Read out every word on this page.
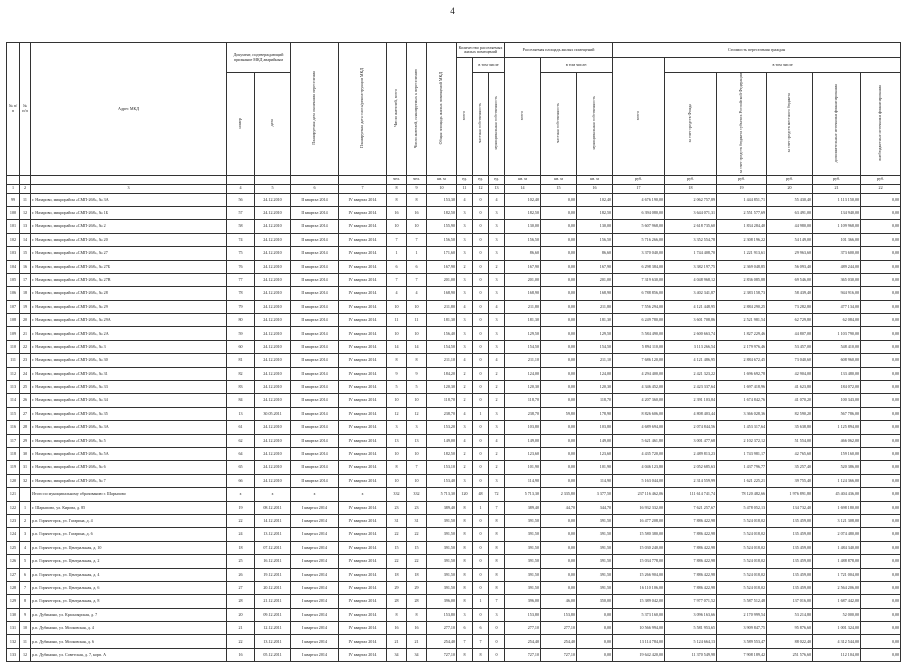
4
№ п/п	№ п/п	Адрес МКД	Документ, подтверждающий признание МКД аварийным		Планируемая дата окончания переселения	Планируемая дата сноса/реконструкции МКД	Число жителей, всего	Число жителей, планируемых к переселению	Общая площадь жилых помещений МКД	Количество расселяемых жилых помещений			Расселяемая площадь жилых помещений			Стоимость переселения граждан					
										всего	в том числе		всего	в том числе:		всего	в том числе				
			номер	дата							частная собственность	муниципальная собственность		частная собственность	муниципальная собственность		за счет средств Фонда	за счет средств бюджета субъекта Российской Федерации	за счет средств местного бюджета	дополнительные источники финансирования	внебюджетные источники финансирования
							чел.	чел.	кв. м	ед.	ед.	ед.	кв. м	кв. м	кв. м	руб.	руб.	руб.	руб.	руб.	руб.
1	2	3	4	5	6	7	8	9	10	11	12	13	14	15	16	17	18	19	20	21	22
99	11	г. Назарово, микрорайон «СМП-268», № 3А	56	24.12.2010	II квартал 2014	IV квартал 2014	8	8	153,30	4	0	4	102,40	0,00	102,40	4 676 190,00	2 062 757,89	1 444 851,71	55 430,40	1 113 150,00	0,00
100	12	г. Назарово, микрорайон «СМП-268», № 1Б	57	24.12.2010	II квартал 2014	IV квартал 2014	16	16	182,50	3	0	3	182,50	0,00	182,50	6 394 080,00	3 644 071,31	2 551 577,69	63 491,00	134 940,00	0,00
101	13	г. Назарово, микрорайон «СМП-268», № 2	58	24.12.2010	II квартал 2014	IV квартал 2014	10	10	155,90	3	0	3	130,00	0,00	130,00	5 607 968,00	2 618 735,60	1 834 284,40	44 980,00	1 109 968,00	0,00
102	14	г. Назарово, микрорайон «СМП-268», № 20	74	24.12.2010	II квартал 2014	IV квартал 2014	7	7	156,50	3	0	3	156,50	0,00	156,50	5 716 266,00	3 352 554,78	2 308 196,22	54 149,00	101 366,00	0,00
103	15	г. Назарово, микрорайон «СМП-268», № 27	75	24.12.2010	II квартал 2014	IV квартал 2014	1	1	171,60	3	0	3	86,60	0,00	86,60	3 370 040,00	1 744 408,70	1 221 913,61	29 963,60	373 600,00	0,00
104	16	г. Назарово, микрорайон «СМП-268», № 27Б	76	24.12.2010	II квартал 2014	IV квартал 2014	6	6	167,90	2	0	2	167,90	0,00	167,90	6 298 384,00	3 382 197,75	2 369 048,85	56 093,40	489 244,00	0,00
105	17	г. Назарово, микрорайон «СМП-268», № 27В	77	24.12.2010	II квартал 2014	IV квартал 2014	7	7	201,00	3	0	3	201,00	0,00	201,00	7 319 630,00	4 048 968,12	2 836 085,88	69 546,00	365 030,00	0,00
106	18	г. Назарово, микрорайон «СМП-268», № 28	78	24.12.2010	II квартал 2014	IV квартал 2014	4	4	168,90	3	0	3	168,90	0,00	168,90	6 788 856,00	3 402 341,87	2 383 158,73	58 439,40	944 916,00	0,00
107	19	г. Назарово, микрорайон «СМП-268», № 29	79	24.12.2010	II квартал 2014	IV квартал 2014	10	10	211,80	4	0	4	211,80	0,00	211,80	7 556 294,00	4 121 448,95	2 884 290,25	73 282,80	477 134,00	0,00
108	20	г. Назарово, микрорайон «СМП-268», № 29А	80	24.12.2010	II квартал 2014	IV квартал 2014	11	11	181,30	3	0	3	181,30	0,00	181,30	6 249 780,00	3 601 708,86	2 521 981,54	62 729,80	62 084,00	0,00
109	21	г. Назарово, микрорайон «СМП-268», № 2А	59	24.12.2010	II квартал 2014	IV квартал 2014	10	10	156,40	3	0	3	129,50	0,00	129,50	5 584 490,00	2 600 663,74	1 827 229,46	44 807,00	1 103 790,00	0,00
110	22	г. Назарово, микрорайон «СМП-268», № 3	60	24.12.2010	II квартал 2014	IV квартал 2014	14	14	154,50	3	0	3	154,50	0,00	154,50	5 894 110,00	3 113 266,54	2 179 976,46	53 457,00	548 410,00	0,00
111	23	г. Назарово, микрорайон «СМП-268», № 30	81	24.12.2010	II квартал 2014	IV квартал 2014	8	8	211,10	4	0	4	211,10	0,00	211,10	7 686 120,00	4 121 486,95	2 884 672,45	73 040,60	608 960,00	0,00
112	24	г. Назарово, микрорайон «СМП-268», № 31	82	24.12.2010	II квартал 2014	IV квартал 2014	9	9	184,20	2	0	2	124,00	0,00	124,00	4 294 400,00	2 421 323,22	1 696 692,78	42 904,00	133 480,00	0,00
113	25	г. Назарово, микрорайон «СМП-268», № 33	83	24.12.2010	II квартал 2014	IV квартал 2014	5	5	120,30	2	0	2	120,30	0,00	120,30	4 346 452,00	2 423 337,64	1 697 418,96	41 623,80	184 072,00	0,00
114	26	г. Назарово, микрорайон «СМП-268», № 34	84	24.12.2010	II квартал 2014	IV квартал 2014	10	10	118,70	2	0	2	118,70	0,00	118,70	4 207 360,00	2 391 103,84	1 674 842,76	41 070,20	100 343,00	0,00
115	27	г. Назарово, микрорайон «СМП-268», № 35	13	30.05.2011	II квартал 2014	IV квартал 2014	12	12	238,70	4	1	3	238,70	59,80	178,90	8 826 606,00	4 808 403,44	3 366 028,36	82 590,20	567 786,00	0,00
116	28	г. Назарово, микрорайон «СМП-268», № 3А	61	24.12.2010	II квартал 2014	IV квартал 2014	3	3	153,20	3	0	3	103,80	0,00	103,80	4 689 694,00	2 074 844,56	1 453 317,64	35 638,80	1 125 894,00	0,00
117	29	г. Назарово, микрорайон «СМП-268», № 5	62	24.12.2010	II квартал 2014	IV квартал 2014	13	13	149,00	4	0	4	149,00	0,00	149,00	5 621 461,80	3 001 477,68	2 102 372,12	51 554,00	466 062,00	0,00
118	30	г. Назарово, микрорайон «СМП-268», № 5А	64	24.12.2010	II квартал 2014	IV квартал 2014	10	10	182,50	2	0	2	123,60	0,00	123,60	4 435 720,00	2 489 813,23	1 743 981,17	42 765,60	159 160,00	0,00
119	31	г. Назарово, микрорайон «СМП-268», № 6	65	24.12.2010	II квартал 2014	IV квартал 2014	8	7	153,10	2	0	2	101,90	0,00	101,90	4 046 123,80	2 052 685,63	1 437 796,77	35 257,40	520 386,00	0,00
120	32	г. Назарово, микрорайон «СМП-268», № 7	66	24.12.2010	II квартал 2014	IV квартал 2014	10	10	153,40	3	0	3	114,90	0,00	114,90	5 163 044,00	2 314 559,99	1 621 225,21	39 755,40	1 124 366,00	0,00
121		Итого по муниципальному образованию г. Шарыпово	x	x	x	x	332	332	5 713,30	120	48	72	5 713,30	2 335,80	3 377,50	237 116 462,06	111 614 741,74	78 120 482,66	1 976 891,80	45 404 436,00	0,00
122	1	г. Шарыпово, ул. Кирова, д. 85	19	08.12.2011	I квартал 2014	IV квартал 2014	23	23	389,40	8	1	7	389,40	44,70	344,70	16 932 332,00	7 621 257,67	5 478 052,13	134 732,40	1 698 180,00	0,00
123	2	р.п. Горячегорск, ул. Гагарина, д. 4	22	14.12.2011	I квартал 2014	IV квартал 2014	31	31	391,50	8	0	8	391,50	0,00	391,50	16 477 208,00	7 886 422,98	5 524 018,02	135 459,00	3 121 308,00	0,00
124	3	р.п. Горячегорск, ул. Гагарина, д. 6	24	13.12.2011	I квартал 2014	IV квартал 2014	22	22	391,50	8	0	8	391,50	0,00	391,50	15 580 380,00	7 886 422,98	5 524 018,02	135 459,00	2 074 480,00	0,00
125	4	р.п. Горячегорск, ул. Центральная, д. 10	18	07.12.2011	I квартал 2014	IV квартал 2014	15	15	391,50	8	0	8	391,50	0,00	391,50	15 030 240,00	7 886 422,98	5 524 018,02	135 459,00	1 484 340,00	0,00
126	5	р.п. Горячегорск, ул. Центральная, д. 2	25	16.12.2011	I квартал 2014	IV квартал 2014	22	22	391,50	8	0	8	391,50	0,00	391,50	15 034 778,00	7 886 422,98	5 524 018,02	135 459,00	1 488 878,00	0,00
127	6	р.п. Горячегорск, ул. Центральная, д. 4	26	19.12.2011	I квартал 2014	IV квартал 2014	18	18	391,50	8	0	8	391,50	0,00	391,50	15 266 904,00	7 886 422,98	5 524 018,02	135 459,00	1 721 004,00	0,00
128	7	р.п. Горячегорск, ул. Центральная, д. 6	27	20.12.2011	I квартал 2014	IV квартал 2014	29	29	391,50	8	0	8	391,50	0,00	391,50	16 110 106,00	7 886 422,98	5 524 018,02	135 459,00	2 564 206,00	0,00
129	8	р.п. Горячегорск, ул. Центральная, д. 8	28	21.12.2011	I квартал 2014	IV квартал 2014	28	28	396,00	8	1	7	396,00	46,00	350,00	15 389 042,00	7 977 071,52	5 587 512,48	137 016,00	1 687 442,00	0,00
130	9	р.п. Дубинино, ул. Красноярская, д. 7	20	09.12.2011	I квартал 2014	IV квартал 2014	8	8	153,80	3	0	3	153,80	153,80	0,00	5 373 160,00	3 096 163,66	2 170 999,54	53 214,80	52 000,00	0,00
131	10	р.п. Дубинино, ул. Московская, д. 4	21	12.12.2011	I квартал 2014	IV квартал 2014	16	16	277,10	6	6	0	277,10	277,10	0,00	10 566 994,00	5 581 953,65	3 909 847,75	95 876,60	1 001 324,00	0,00
132	11	р.п. Дубинино, ул. Московская, д. 6	22	13.12.2011	I квартал 2014	IV квартал 2014	21	21	254,40	7	7	0	254,40	254,40	0,00	13 114 784,00	5 124 664,13	3 589 553,47	88 022,40	4 312 544,00	0,00
133	12	р.п. Дубинино, ул. Советская, д. 7, корп. А	16	05.12.2011	I квартал 2014	IV квартал 2014	34	34	727,10	8	8	0	727,10	727,10	0,00	19 642 420,00	11 370 549,98	7 908 189,42	251 576,60	112 104,00	0,00
